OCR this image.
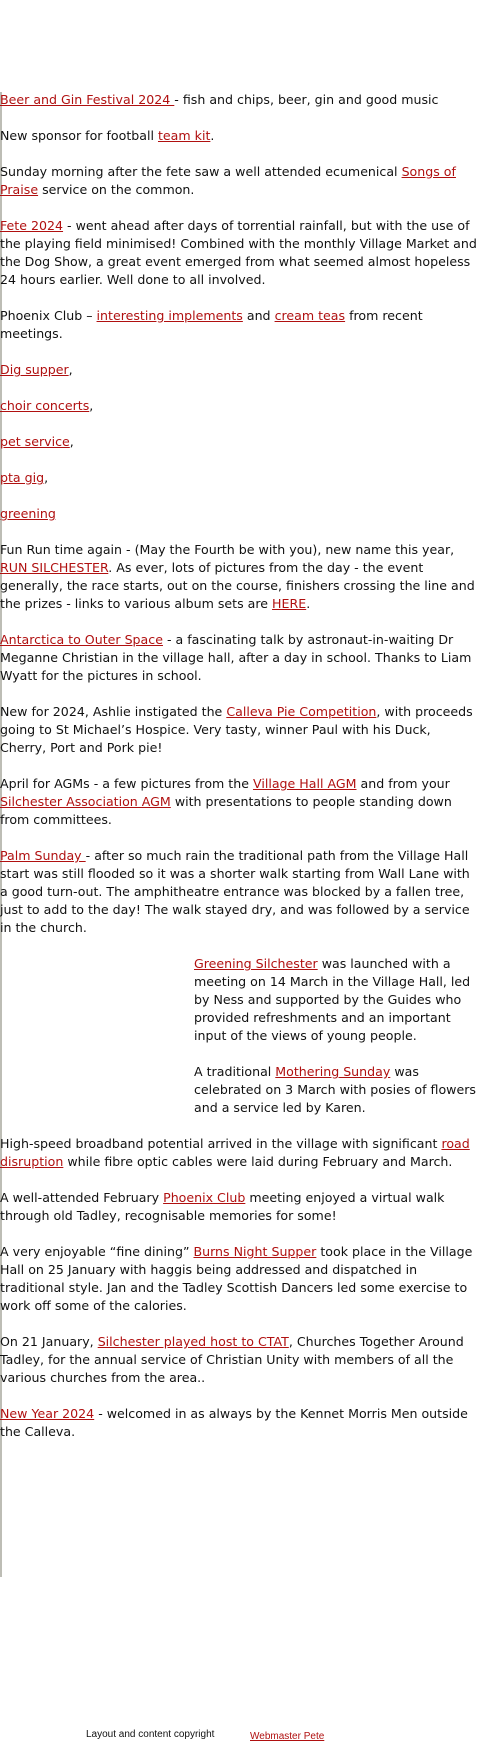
Beer and Gin Festival 2024 - fish and chips, beer, gin and good music

New sponsor for football team kit.

Sunday morning after the fete saw a well attended ecumenical Songs of Praise service on the common.

Fete 2024 - went ahead after days of torrential rainfall, but with the use of the playing field minimised! Combined with the monthly Village Market and the Dog Show, a great event emerged from what seemed almost hopeless 24 hours earlier. Well done to all involved.

Phoenix Club – interesting implements and cream teas from recent meetings.

Dig supper,

choir concerts,

pet service,

pta gig,

greening

Fun Run time again - (May the Fourth be with you), new name this year, RUN SILCHESTER. As ever, lots of pictures from the day - the event generally, the race starts, out on the course, finishers crossing the line and the prizes - links to various album sets are HERE.

Antarctica to Outer Space - a fascinating talk by astronaut-in-waiting Dr Meganne Christian in the village hall, after a day in school. Thanks to Liam Wyatt for the pictures in school.

New for 2024, Ashlie instigated the Calleva Pie Competition, with proceeds going to St Michael’s Hospice. Very tasty, winner Paul with his Duck, Cherry, Port and Pork pie!

April for AGMs - a few pictures from the Village Hall AGM and from your Silchester Association AGM with presentations to people standing down from committees.

Palm Sunday - after so much rain the traditional path from the Village Hall start was still flooded so it was a shorter walk starting from Wall Lane with a good turn-out. The amphitheatre entrance was blocked by a fallen tree, just to add to the day! The walk stayed dry, and was followed by a service in the church.

Greening Silchester was launched with a meeting on 14 March in the Village Hall, led by Ness and supported by the Guides who provided refreshments and an important input of the views of young people.

A traditional Mothering Sunday was celebrated on 3 March with posies of flowers and a service led by Karen.

High-speed broadband potential arrived in the village with significant road disruption while fibre optic cables were laid during February and March.

A well-attended February Phoenix Club meeting enjoyed a virtual walk through old Tadley, recognisable memories for some!

A very enjoyable “fine dining” Burns Night Supper took place in the Village Hall on 25 January with haggis being addressed and dispatched in traditional style. Jan and the Tadley Scottish Dancers led some exercise to work off some of the calories.

On 21 January, Silchester played host to CTAT, Churches Together Around Tadley, for the annual service of Christian Unity with members of all the various churches from the area..

New Year 2024 - welcomed in as always by the Kennet Morris Men outside the Calleva.

Layout and content copyright	Webmaster Pete
